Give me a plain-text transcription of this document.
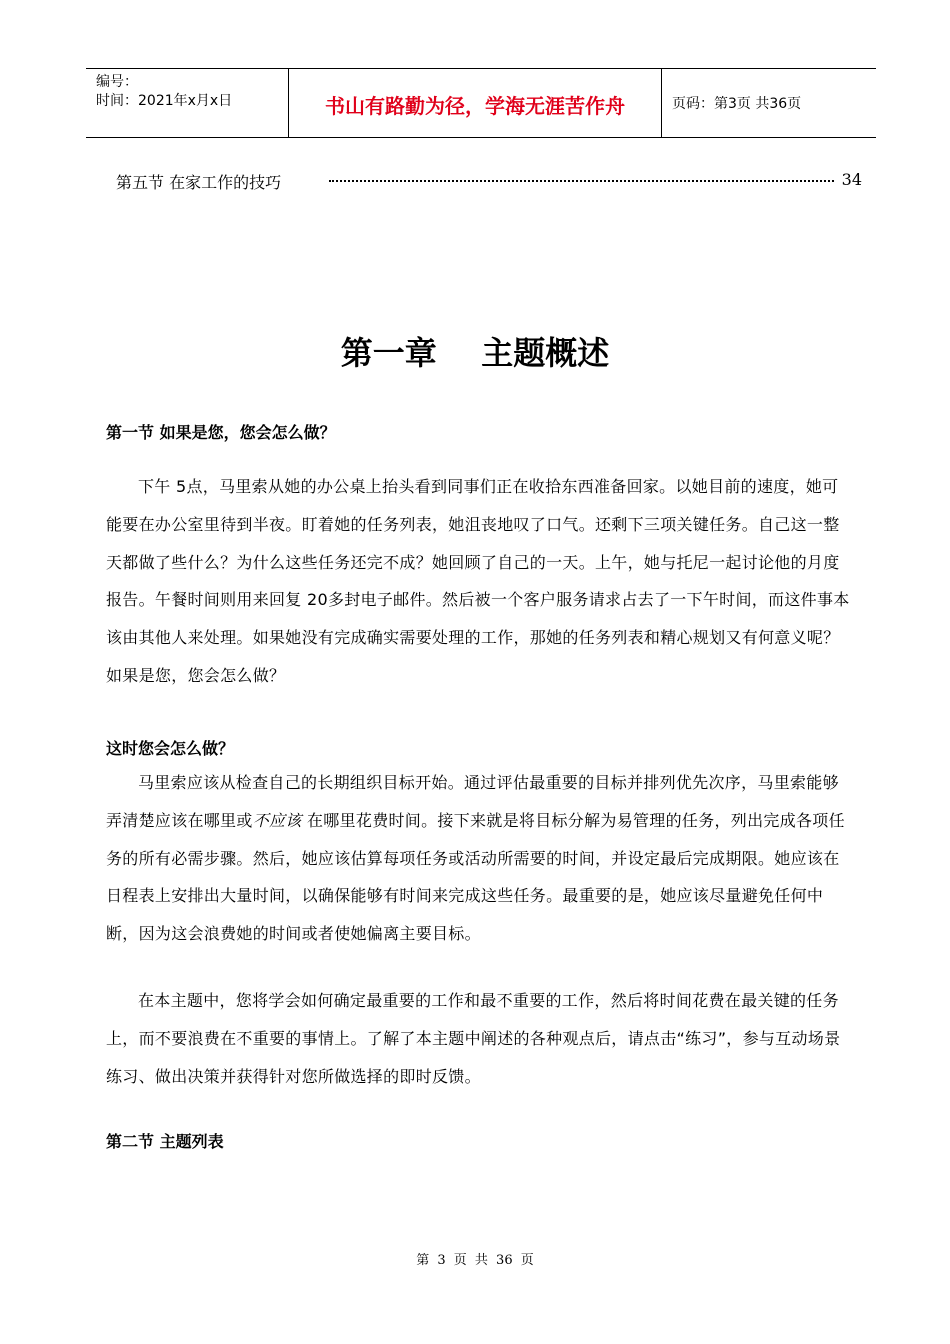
编号：
时间：2021年x月x日	书山有路勤为径，学海无涯苦作舟	页码：第3页 共36页
第五节 在家工作的技巧	34
第一章    主题概述
第一节 如果是您，您会怎么做？

下午 5点，马里索从她的办公桌上抬头看到同事们正在收拾东西准备回家。以她目前的速度，她可能要在办公室里待到半夜。盯着她的任务列表，她沮丧地叹了口气。还剩下三项关键任务。自己这一整天都做了些什么？为什么这些任务还完不成？她回顾了自己的一天。上午，她与托尼一起讨论他的月度报告。午餐时间则用来回复 20多封电子邮件。然后被一个客户服务请求占去了一下午时间，而这件事本该由其他人来处理。如果她没有完成确实需要处理的工作，那她的任务列表和精心规划又有何意义呢？如果是您，您会怎么做？

这时您会怎么做？

马里索应该从检查自己的长期组织目标开始。通过评估最重要的目标并排列优先次序，马里索能够弄清楚应该在哪里或不应该 在哪里花费时间。接下来就是将目标分解为易管理的任务，列出完成各项任务的所有必需步骤。然后，她应该估算每项任务或活动所需要的时间，并设定最后完成期限。她应该在日程表上安排出大量时间，以确保能够有时间来完成这些任务。最重要的是，她应该尽量避免任何中断，因为这会浪费她的时间或者使她偏离主要目标。

在本主题中，您将学会如何确定最重要的工作和最不重要的工作，然后将时间花费在最关键的任务上，而不要浪费在不重要的事情上。了解了本主题中阐述的各种观点后，请点击“练习”，参与互动场景练习、做出决策并获得针对您所做选择的即时反馈。

第二节 主题列表
第 3 页 共 36 页
